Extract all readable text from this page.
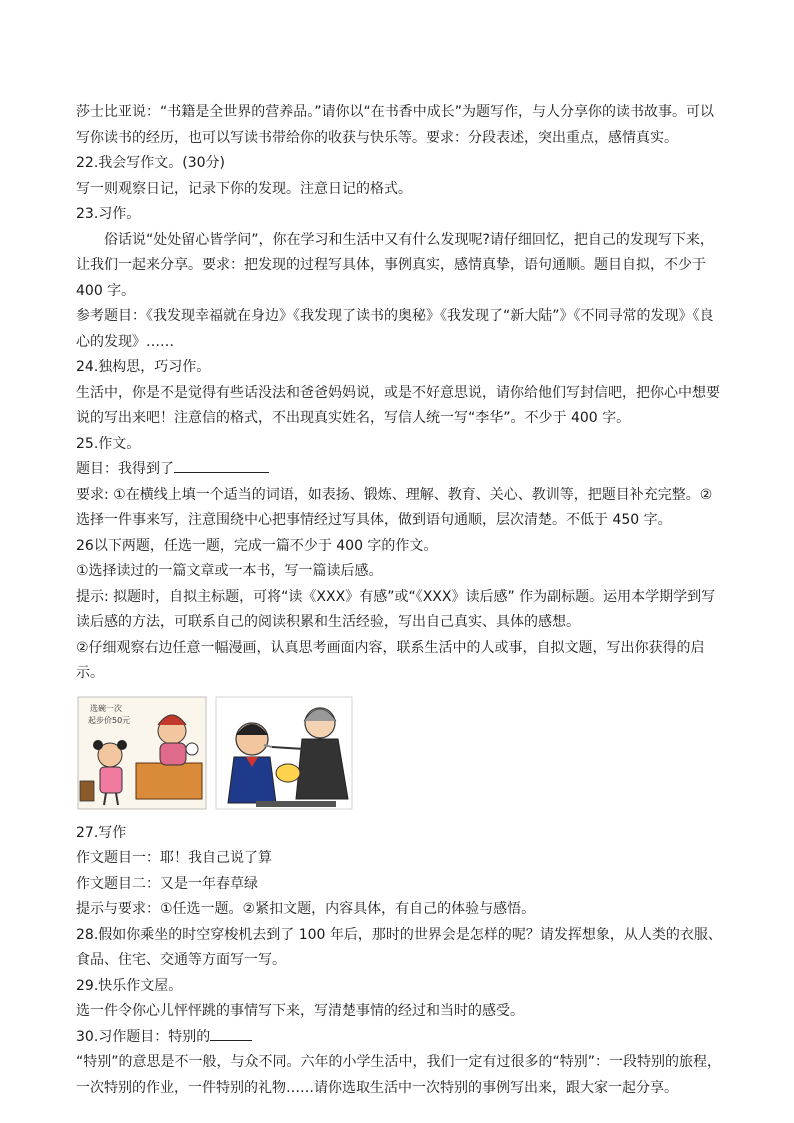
莎士比亚说：“书籍是全世界的营养品。”请你以“在书香中成长”为题写作，与人分享你的读书故事。可以写你读书的经历，也可以写读书带给你的收获与快乐等。要求：分段表述，突出重点，感情真实。

22.我会写作文。(30分)

写一则观察日记，记录下你的发现。注意日记的格式。

23.习作。

俗话说“处处留心皆学问”，你在学习和生活中又有什么发现呢?请仔细回忆，把自己的发现写下来，让我们一起来分享。要求：把发现的过程写具体，事例真实，感情真挚，语句通顺。题目自拟，不少于 400 字。

参考题目：《我发现幸福就在身边》《我发现了读书的奥秘》《我发现了“新大陆”》《不同寻常的发现》《良心的发现》……

24.独构思，巧习作。

生活中，你是不是觉得有些话没法和爸爸妈妈说，或是不好意思说，请你给他们写封信吧，把你心中想要说的写出来吧！注意信的格式，不出现真实姓名，写信人统一写“李华”。不少于 400 字。

25.作文。

题目：我得到了

要求: ①在横线上填一个适当的词语，如表扬、锻炼、理解、教育、关心、教训等，把题目补充完整。②选择一件事来写，注意围绕中心把事情经过写具体，做到语句通顺，层次清楚。不低于 450 字。

26以下两题，任选一题，完成一篇不少于 400 字的作文。

①选择读过的一篇文章或一本书，写一篇读后感。

提示: 拟题时，自拟主标题，可将“读《XXX》有感”或“《XXX》读后感” 作为副标题。运用本学期学到写读后感的方法，可联系自己的阅读积累和生活经验，写出自己真实、具体的感想。

②仔细观察右边任意一幅漫画，认真思考画面内容，联系生活中的人或事，自拟文题，写出你获得的启示。

选碗一次
起步价50元

27.写作

作文题目一：耶！我自己说了算

作文题目二：又是一年春草绿

提示与要求：①任选一题。②紧扣文题，内容具体，有自己的体验与感悟。

28.假如你乘坐的时空穿梭机去到了 100 年后，那时的世界会是怎样的呢？请发挥想象，从人类的衣服、食品、住宅、交通等方面写一写。

29.快乐作文屋。

选一件令你心儿怦怦跳的事情写下来，写清楚事情的经过和当时的感受。

30.习作题目：特别的

“特别”的意思是不一般，与众不同。六年的小学生活中，我们一定有过很多的“特别”：一段特别的旅程，一次特别的作业，一件特别的礼物……请你选取生活中一次特别的事例写出来，跟大家一起分享。
